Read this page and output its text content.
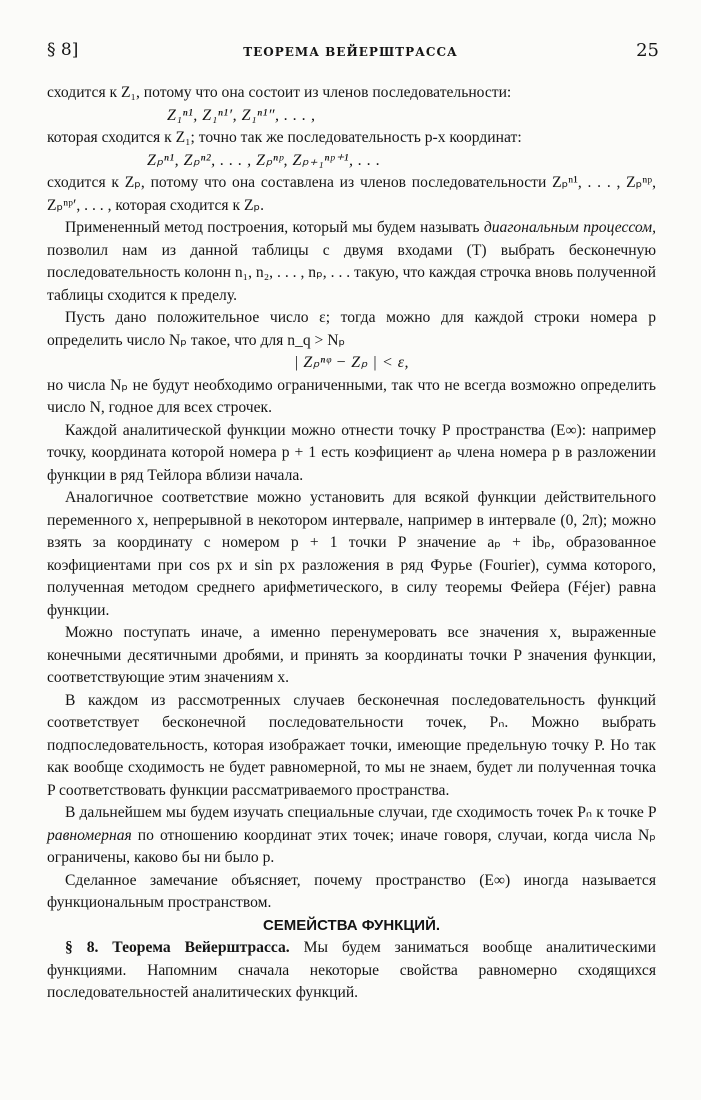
§ 8]	ТЕОРЕМА ВЕЙЕРШТРАССА	25

сходится к Z₁, потому что она состоит из членов последовательности:

Z₁ⁿ¹, Z₁ⁿ¹′, Z₁ⁿ¹″, . . . ,

которая сходится к Z₁; точно так же последовательность p-х координат:

Zₚⁿ¹, Zₚⁿ², . . . , Zₚⁿᵖ, Zₚ₊₁ⁿᵖ⁺¹, . . .

сходится к Zₚ, потому что она составлена из членов последовательности Zₚⁿ¹, . . . , Zₚⁿᵖ, Zₚⁿᵖ′, . . . , которая сходится к Zₚ.

Примененный метод построения, который мы будем называть диагональным процессом, позволил нам из данной таблицы с двумя входами (T) выбрать бесконечную последовательность колонн n₁, n₂, . . . , nₚ, . . . такую, что каждая строчка вновь полученной таблицы сходится к пределу.

Пусть дано положительное число ε; тогда можно для каждой строки номера p определить число Nₚ такое, что для n_q > Nₚ

| Zₚⁿᵠ − Zₚ | < ε,

но числа Nₚ не будут необходимо ограниченными, так что не всегда возможно определить число N, годное для всех строчек.

Каждой аналитической функции можно отнести точку P пространства (E∞): например точку, координата которой номера p + 1 есть коэфициент aₚ члена номера p в разложении функции в ряд Тейлора вблизи начала.

Аналогичное соответствие можно установить для всякой функции действительного переменного x, непрерывной в некотором интервале, например в интервале (0, 2π); можно взять за координату с номером p + 1 точки P значение aₚ + ibₚ, образованное коэфициентами при cos px и sin px разложения в ряд Фурье (Fourier), сумма которого, полученная методом среднего арифметического, в силу теоремы Фейера (Féjer) равна функции.

Можно поступать иначе, а именно перенумеровать все значения x, выраженные конечными десятичными дробями, и принять за координаты точки P значения функции, соответствующие этим значениям x.

В каждом из рассмотренных случаев бесконечная последовательность функций соответствует бесконечной последовательности точек, Pₙ. Можно выбрать подпоследовательность, которая изображает точки, имеющие предельную точку P. Но так как вообще сходимость не будет равномерной, то мы не знаем, будет ли полученная точка P соответствовать функции рассматриваемого пространства.

В дальнейшем мы будем изучать специальные случаи, где сходимость точек Pₙ к точке P равномерная по отношению координат этих точек; иначе говоря, случаи, когда числа Nₚ ограничены, каково бы ни было p.

Сделанное замечание объясняет, почему пространство (E∞) иногда называется функциональным пространством.

СЕМЕЙСТВА ФУНКЦИЙ.

§ 8. Теорема Вейерштрасса. Мы будем заниматься вообще аналитическими функциями. Напомним сначала некоторые свойства равномерно сходящихся последовательностей аналитических функций.
